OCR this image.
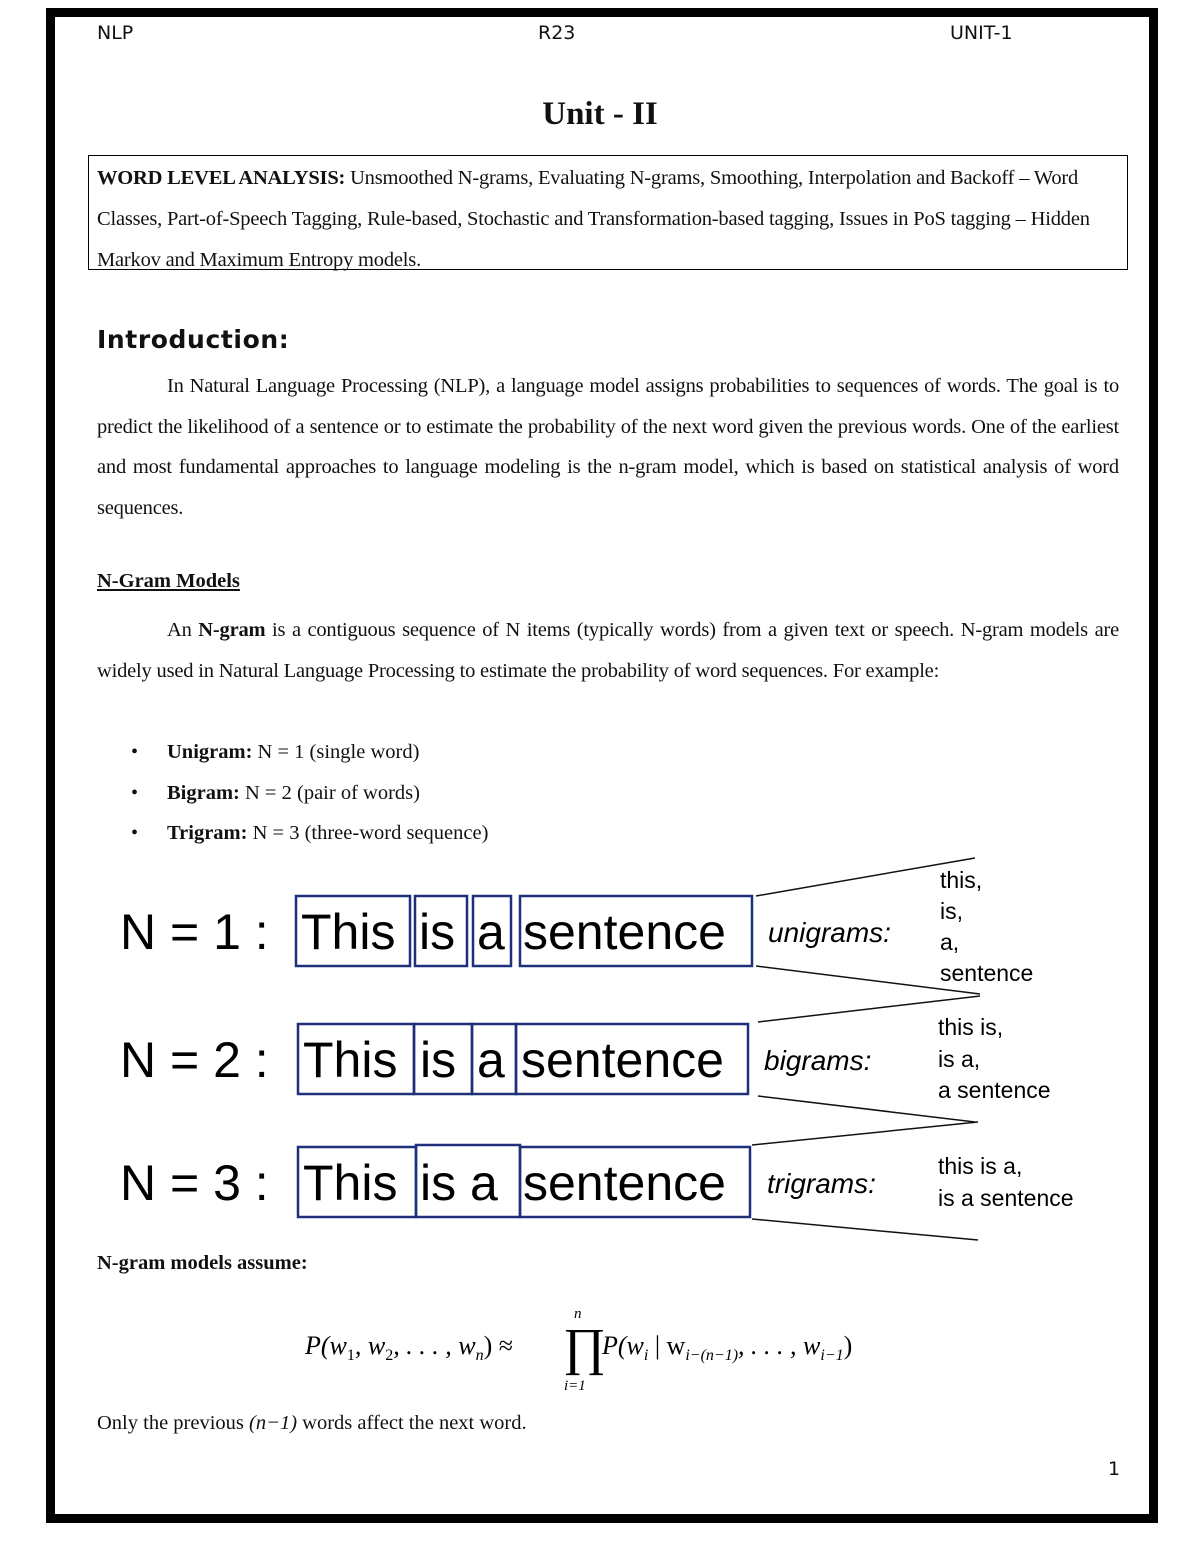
NLP	R23	UNIT-1
Unit - II
WORD LEVEL ANALYSIS: Unsmoothed N-grams, Evaluating N-grams, Smoothing, Interpolation and Backoff – Word Classes, Part-of-Speech Tagging, Rule-based, Stochastic and Transformation-based tagging, Issues in PoS tagging – Hidden Markov and Maximum Entropy models.
Introduction:
In Natural Language Processing (NLP), a language model assigns probabilities to sequences of words. The goal is to predict the likelihood of a sentence or to estimate the probability of the next word given the previous words. One of the earliest and most fundamental approaches to language modeling is the n-gram model, which is based on statistical analysis of word sequences.
N-Gram Models
An N-gram is a contiguous sequence of N items (typically words) from a given text or speech. N-gram models are widely used in Natural Language Processing to estimate the probability of word sequences. For example:
• Unigram: N = 1 (single word)
• Bigram: N = 2 (pair of words)
• Trigram: N = 3 (three-word sequence)
N = 1 : This is a sentence unigrams:
this,
is,
a,
sentence
N = 2 : This is a sentence bigrams:
this is,
is a,
a sentence
N = 3 : This is a sentence trigrams:
this is a,
is a sentence
N-gram models assume:
$P(w_1$, $w_2$, . . . , $w_n$) ≈ ∏
n
i=1
$P(w_i$ | $w_{i-(n-1)}$, . . . , $w_{i-1}$)
Only the previous (n−1) words affect the next word.
1
